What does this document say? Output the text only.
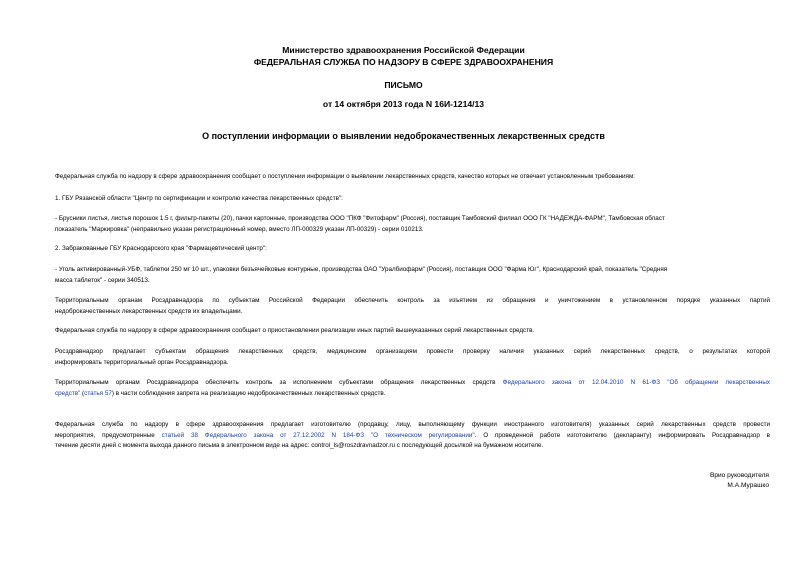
Министерство здравоохранения Российской Федерации
ФЕДЕРАЛЬНАЯ СЛУЖБА ПО НАДЗОРУ В СФЕРЕ ЗДРАВООХРАНЕНИЯ
ПИСЬМО
от 14 октября 2013 года N 16И-1214/13
О поступлении информации о выявлении недоброкачественных лекарственных средств
Федеральная служба по надзору в сфере здравоохранения сообщает о поступлении информации о выявлении лекарственных средств, качество которых не отвечает установленным требованиям:
1. ГБУ Рязанской области "Центр по сертификации и контролю качества лекарственных средств":
- Брусники листья, листья порошок 1.5 г, фильтр-пакеты (20), пачки картонные, производства ООО "ПКФ "Фитофарм" (Россия), поставщик Тамбовский филиал ООО ГК "НАДЕЖДА-ФАРМ", Тамбовская област
показатель "Маркировка" (неправильно указан регистрационный номер, вместо ЛП-000329 указан ЛП-00329) - серии 010213.
2. Забракованные ГБУ Краснодарского края "Фармацевтический центр":
- Уголь активированный-УБФ, таблетки 250 мг 10 шт., упаковки безъячейковые контурные, производства ОАО "Уралбиофарм" (Россия), поставщик ООО "Фарма Юг", Краснодарский край, показатель "Средняя
масса таблеток" - серии 340513.
Территориальным органам Росздравнадзора по субъектам Российской Федерации обеспечить контроль за изъятием из обращения и уничтожением в установленном порядке указанных партий
недоброкачественных лекарственных средств их владельцами.
Федеральная служба по надзору в сфере здравоохранения сообщает о приостановлении реализации иных партий вышеуказанных серий лекарственных средств.
Росздравнадзор предлагает субъектам обращения лекарственных средств, медицинским организациям провести проверку наличия указанных серий лекарственных средств, о результатах которой
информировать территориальный орган Росздравнадзора.
Территориальным органам Росздравнадзора обеспечить контроль за исполнением субъектами обращения лекарственных средств Федерального закона от 12.04.2010 N 61-ФЗ "Об обращении лекарственных
средств" (статья 57) в части соблюдения запрета на реализацию недоброкачественных лекарственных средств.
Федеральная служба по надзору в сфере здравоохранения предлагает изготовителю (продавцу, лицу, выполняющему функции иностранного изготовителя) указанных серий лекарственных средств провести
мероприятия, предусмотренные статьей 38 Федерального закона от 27.12.2002 N 184-ФЗ "О техническом регулировании". О проведенной работе изготовителю (декларанту) информировать Росздравнадзор в
течение десяти дней с момента выхода данного письма в электронном виде на адрес: control_ls@roszdravnadzor.ru с последующей досылкой на бумажном носителе.
Врио руководителя
М.А.Мурашко
